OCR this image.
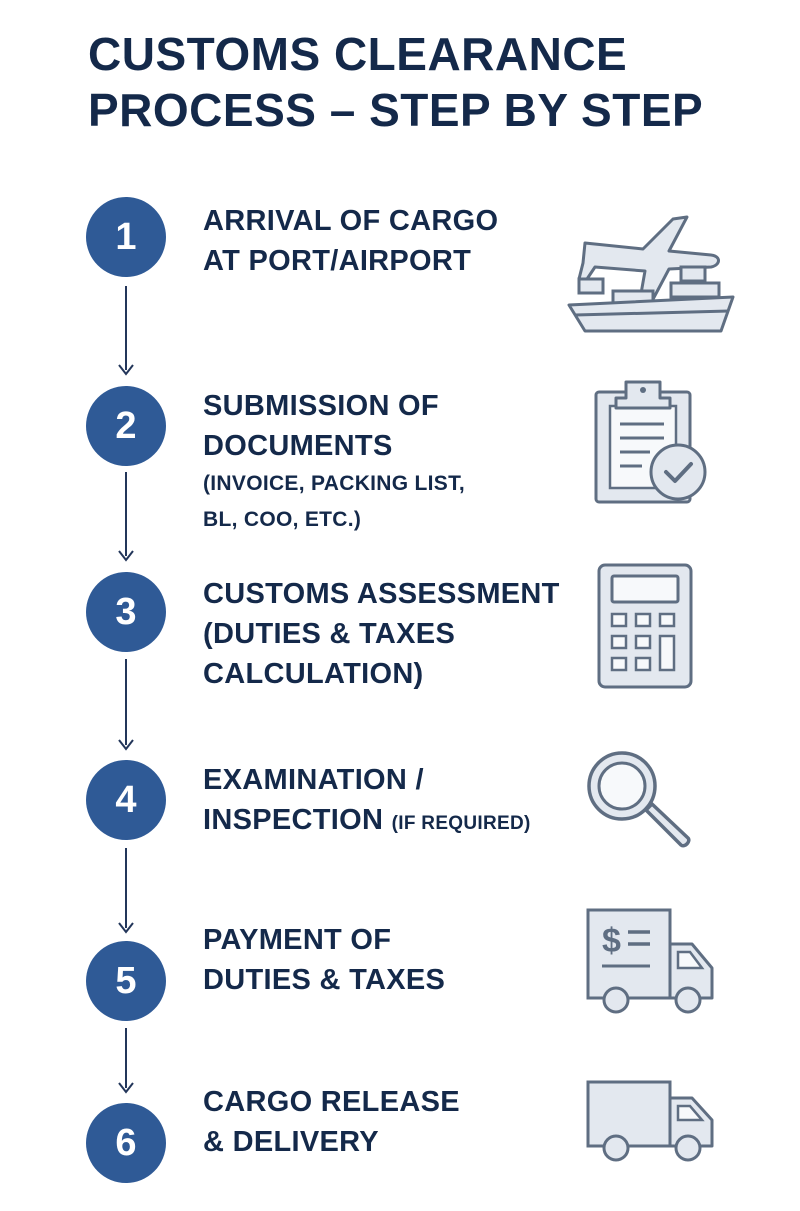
CUSTOMS CLEARANCE
PROCESS – STEP BY STEP
1	ARRIVAL OF CARGO
AT PORT/AIRPORT
2	SUBMISSION OF
DOCUMENTS
(INVOICE, PACKING LIST,
BL, COO, ETC.)
3	CUSTOMS ASSESSMENT
(DUTIES & TAXES
CALCULATION)
4	EXAMINATION /
INSPECTION (IF REQUIRED)
5
PAYMENT OF
DUTIES & TAXES
$
6
CARGO RELEASE
& DELIVERY
